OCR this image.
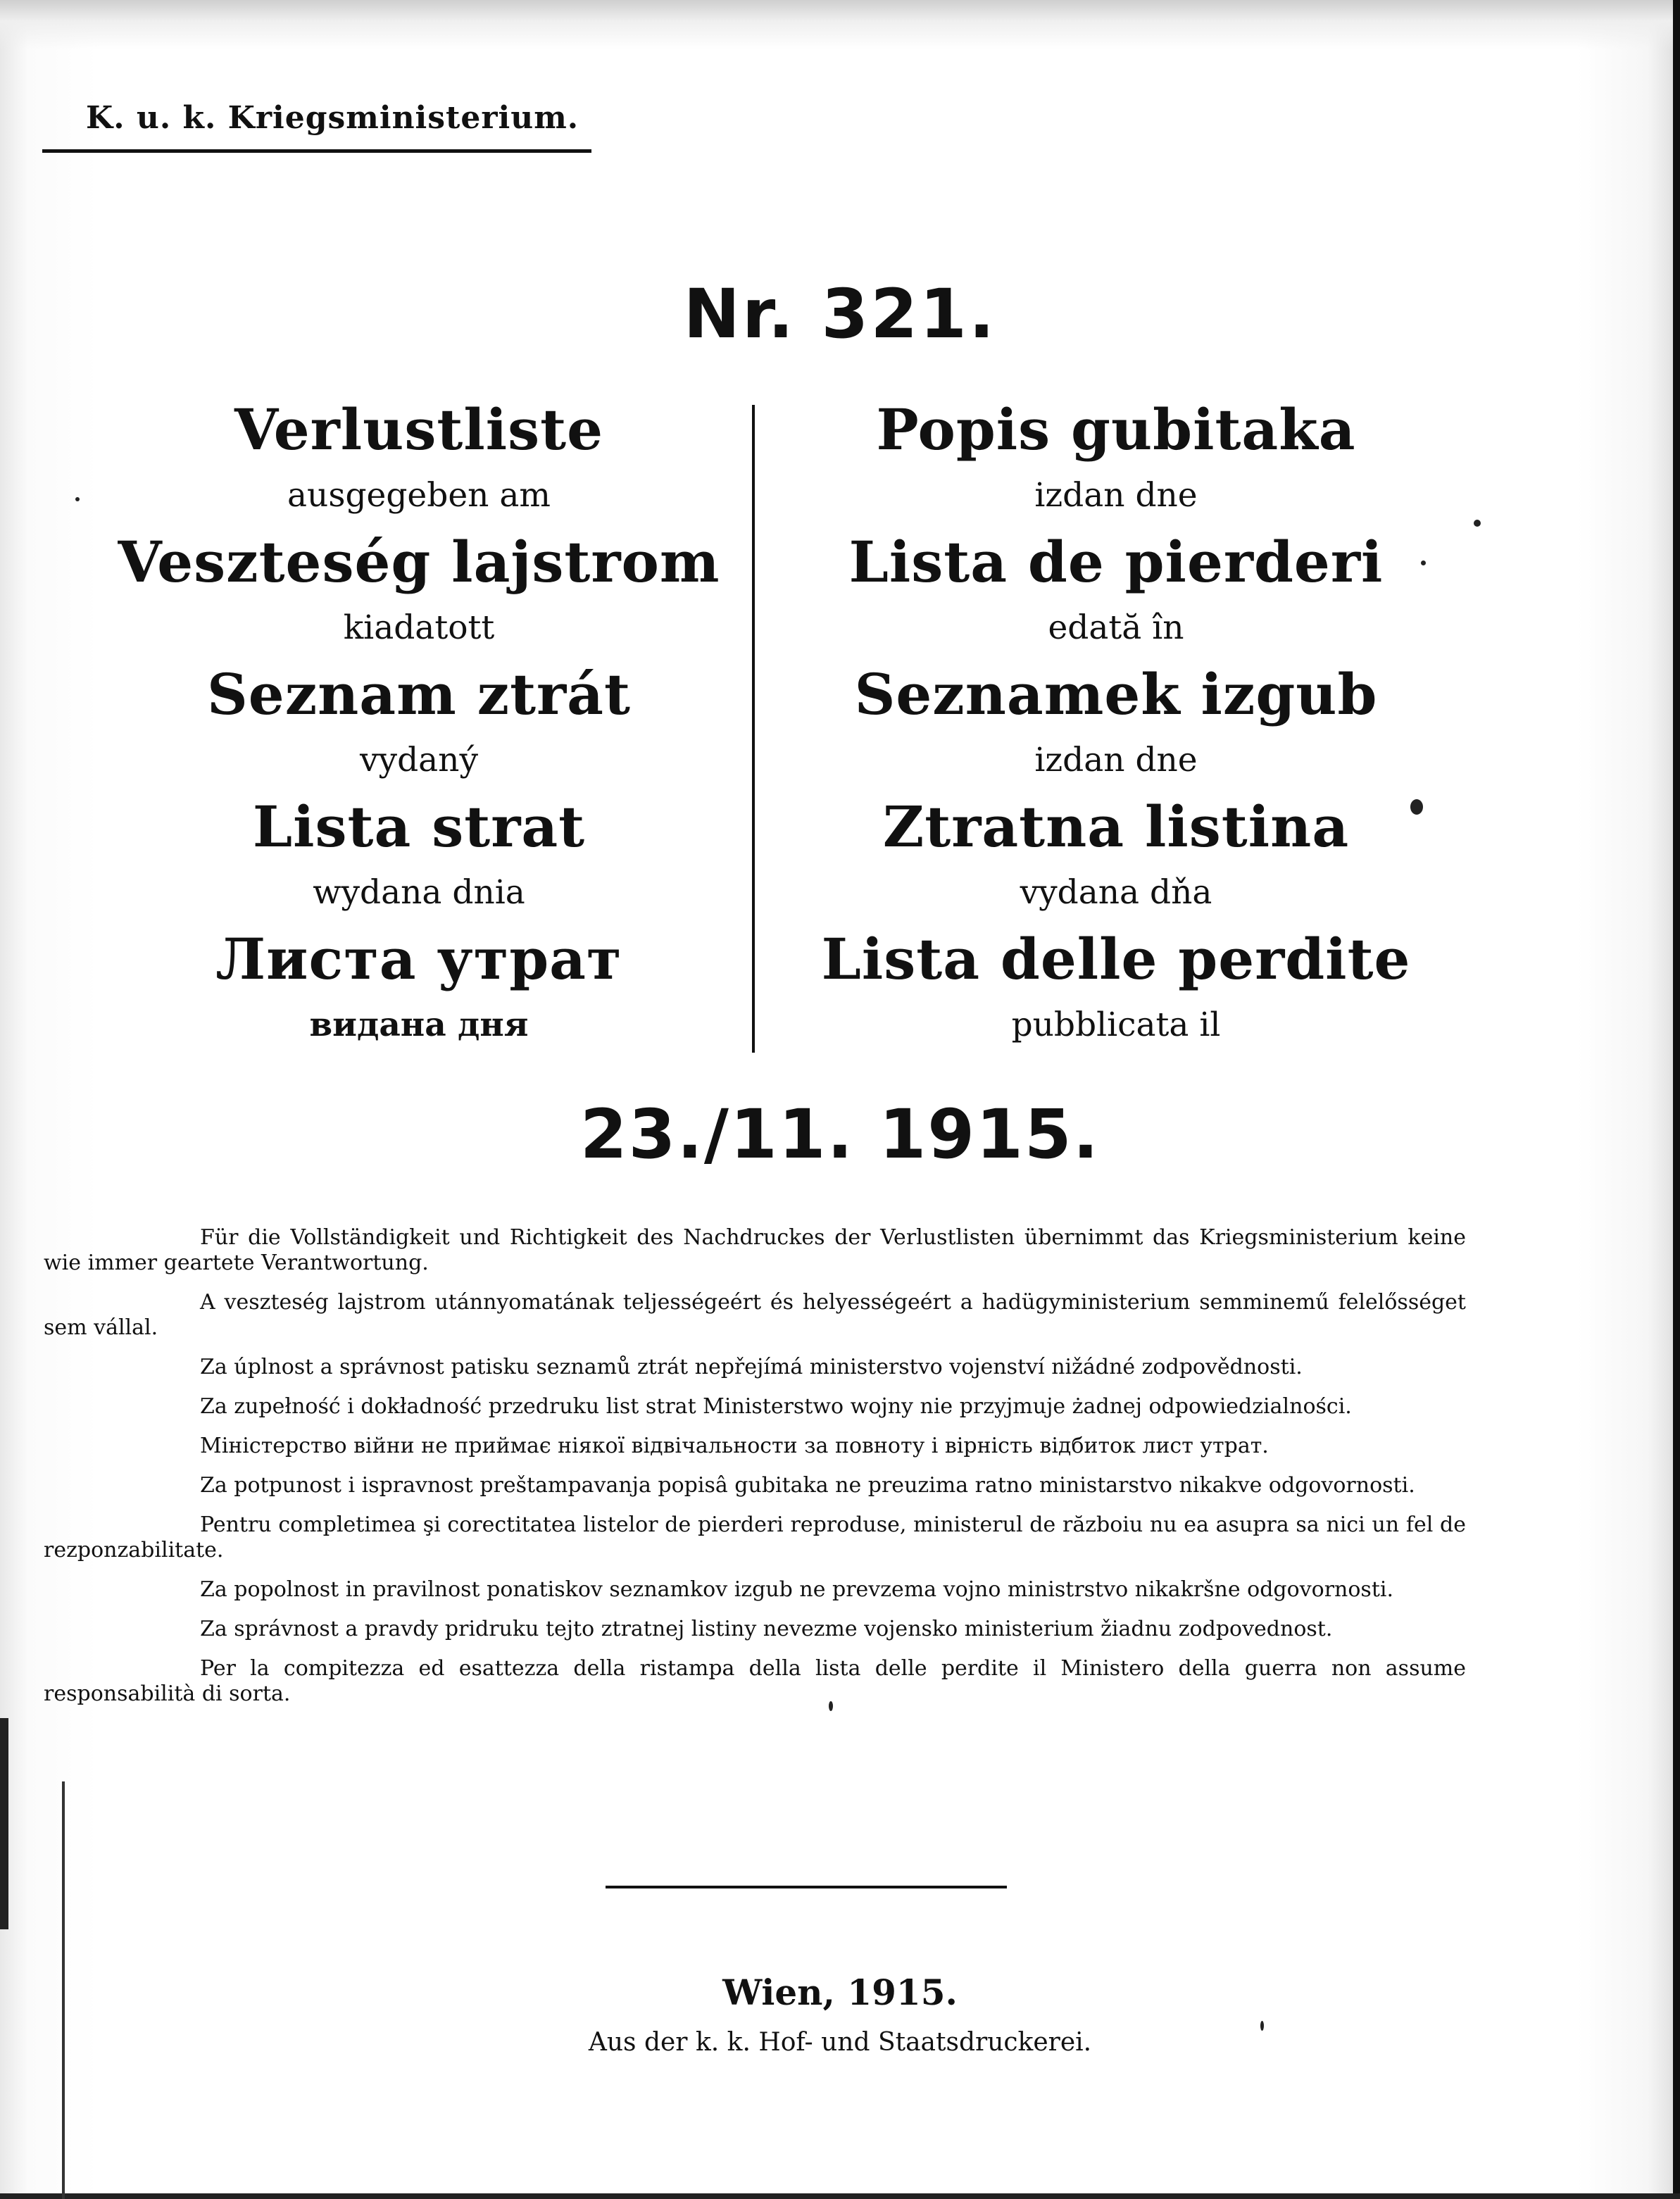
K. u. k. Kriegsministerium.
Nr. 321.
Verlustliste
ausgegeben am
Veszteség lajstrom
kiadatott
Seznam ztrát
vydaný
Lista strat
wydana dnia
Листа утрат
видана дня
Popis gubitaka
izdan dne
Lista de pierderi
edată în
Seznamek izgub
izdan dne
Ztratna listina
vydana dňa
Lista delle perdite
pubblicata il
23./11. 1915.

Für die Vollständigkeit und Richtigkeit des Nachdruckes der Verlustlisten übernimmt das Kriegsministerium keine wie immer geartete Verantwortung.

A veszteség lajstrom utánnyomatának teljességeért és helyességeért a hadügyministerium semminemű felelősséget sem vállal.

Za úplnost a správnost patisku seznamů ztrát nepřejímá ministerstvo vojenství nižádné zodpovědnosti.

Za zupełność i dokładność przedruku list strat Ministerstwo wojny nie przyjmuje żadnej odpowiedzialności.

Міністерство війни не приймає ніякої відвічальности за повноту і вірність відбиток лист утрат.

Za potpunost i ispravnost preštampavanja popisâ gubitaka ne preuzima ratno ministarstvo nikakve odgovornosti.

Pentru completimea şi corectitatea listelor de pierderi reproduse, ministerul de războiu nu ea asupra sa nici un fel de rezponzabilitate.

Za popolnost in pravilnost ponatiskov seznamkov izgub ne prevzema vojno ministrstvo nikakršne odgovornosti.

Za správnost a pravdy pridruku tejto ztratnej listiny nevezme vojensko ministerium žiadnu zodpovednost.

Per la compitezza ed esattezza della ristampa della lista delle perdite il Ministero della guerra non assume responsabilità di sorta.

Wien, 1915.
Aus der k. k. Hof- und Staatsdruckerei.
